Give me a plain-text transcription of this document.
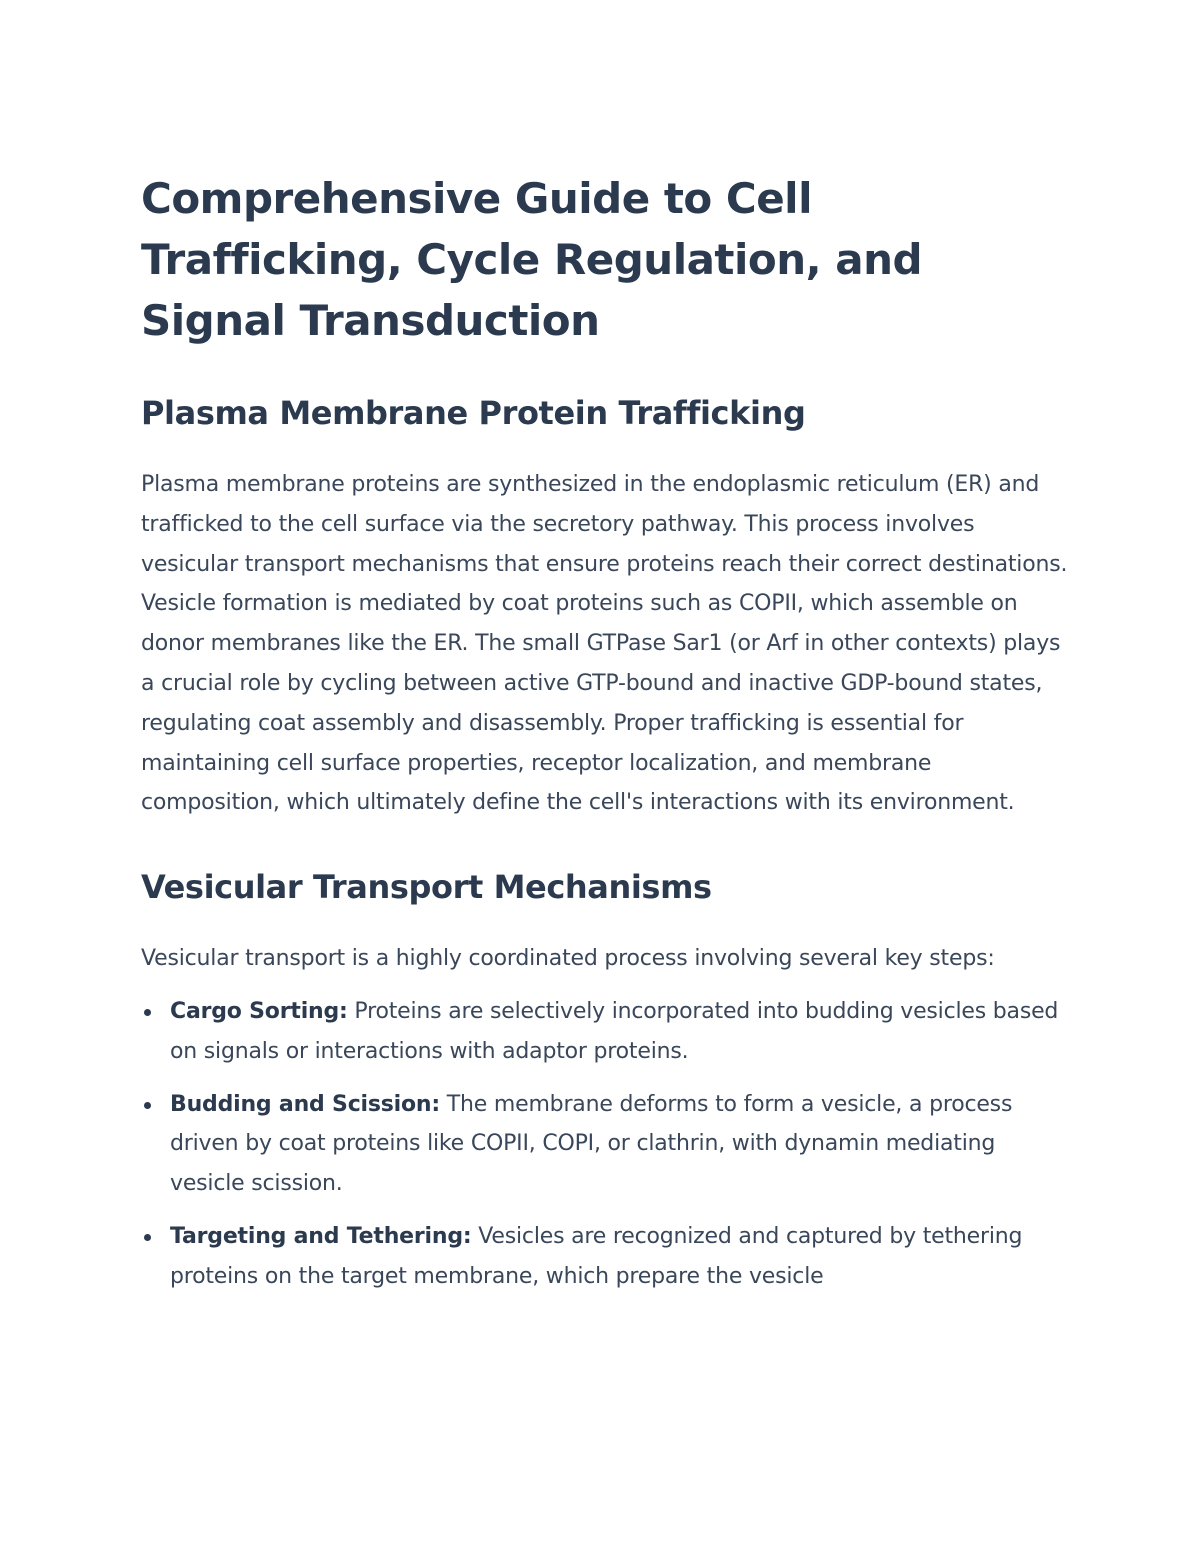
Comprehensive Guide to Cell Trafficking, Cycle Regulation, and Signal Transduction
Plasma Membrane Protein Trafficking

Plasma membrane proteins are synthesized in the endoplasmic reticulum (ER) and trafficked to the cell surface via the secretory pathway. This process involves vesicular transport mechanisms that ensure proteins reach their correct destinations. Vesicle formation is mediated by coat proteins such as COPII, which assemble on donor membranes like the ER. The small GTPase Sar1 (or Arf in other contexts) plays a crucial role by cycling between active GTP-bound and inactive GDP-bound states, regulating coat assembly and disassembly. Proper trafficking is essential for maintaining cell surface properties, receptor localization, and membrane composition, which ultimately define the cell's interactions with its environment.

Vesicular Transport Mechanisms

Vesicular transport is a highly coordinated process involving several key steps:

Cargo Sorting: Proteins are selectively incorporated into budding vesicles based on signals or interactions with adaptor proteins.
Budding and Scission: The membrane deforms to form a vesicle, a process driven by coat proteins like COPII, COPI, or clathrin, with dynamin mediating vesicle scission.
Targeting and Tethering: Vesicles are recognized and captured by tethering proteins on the target membrane, which prepare the vesicle
